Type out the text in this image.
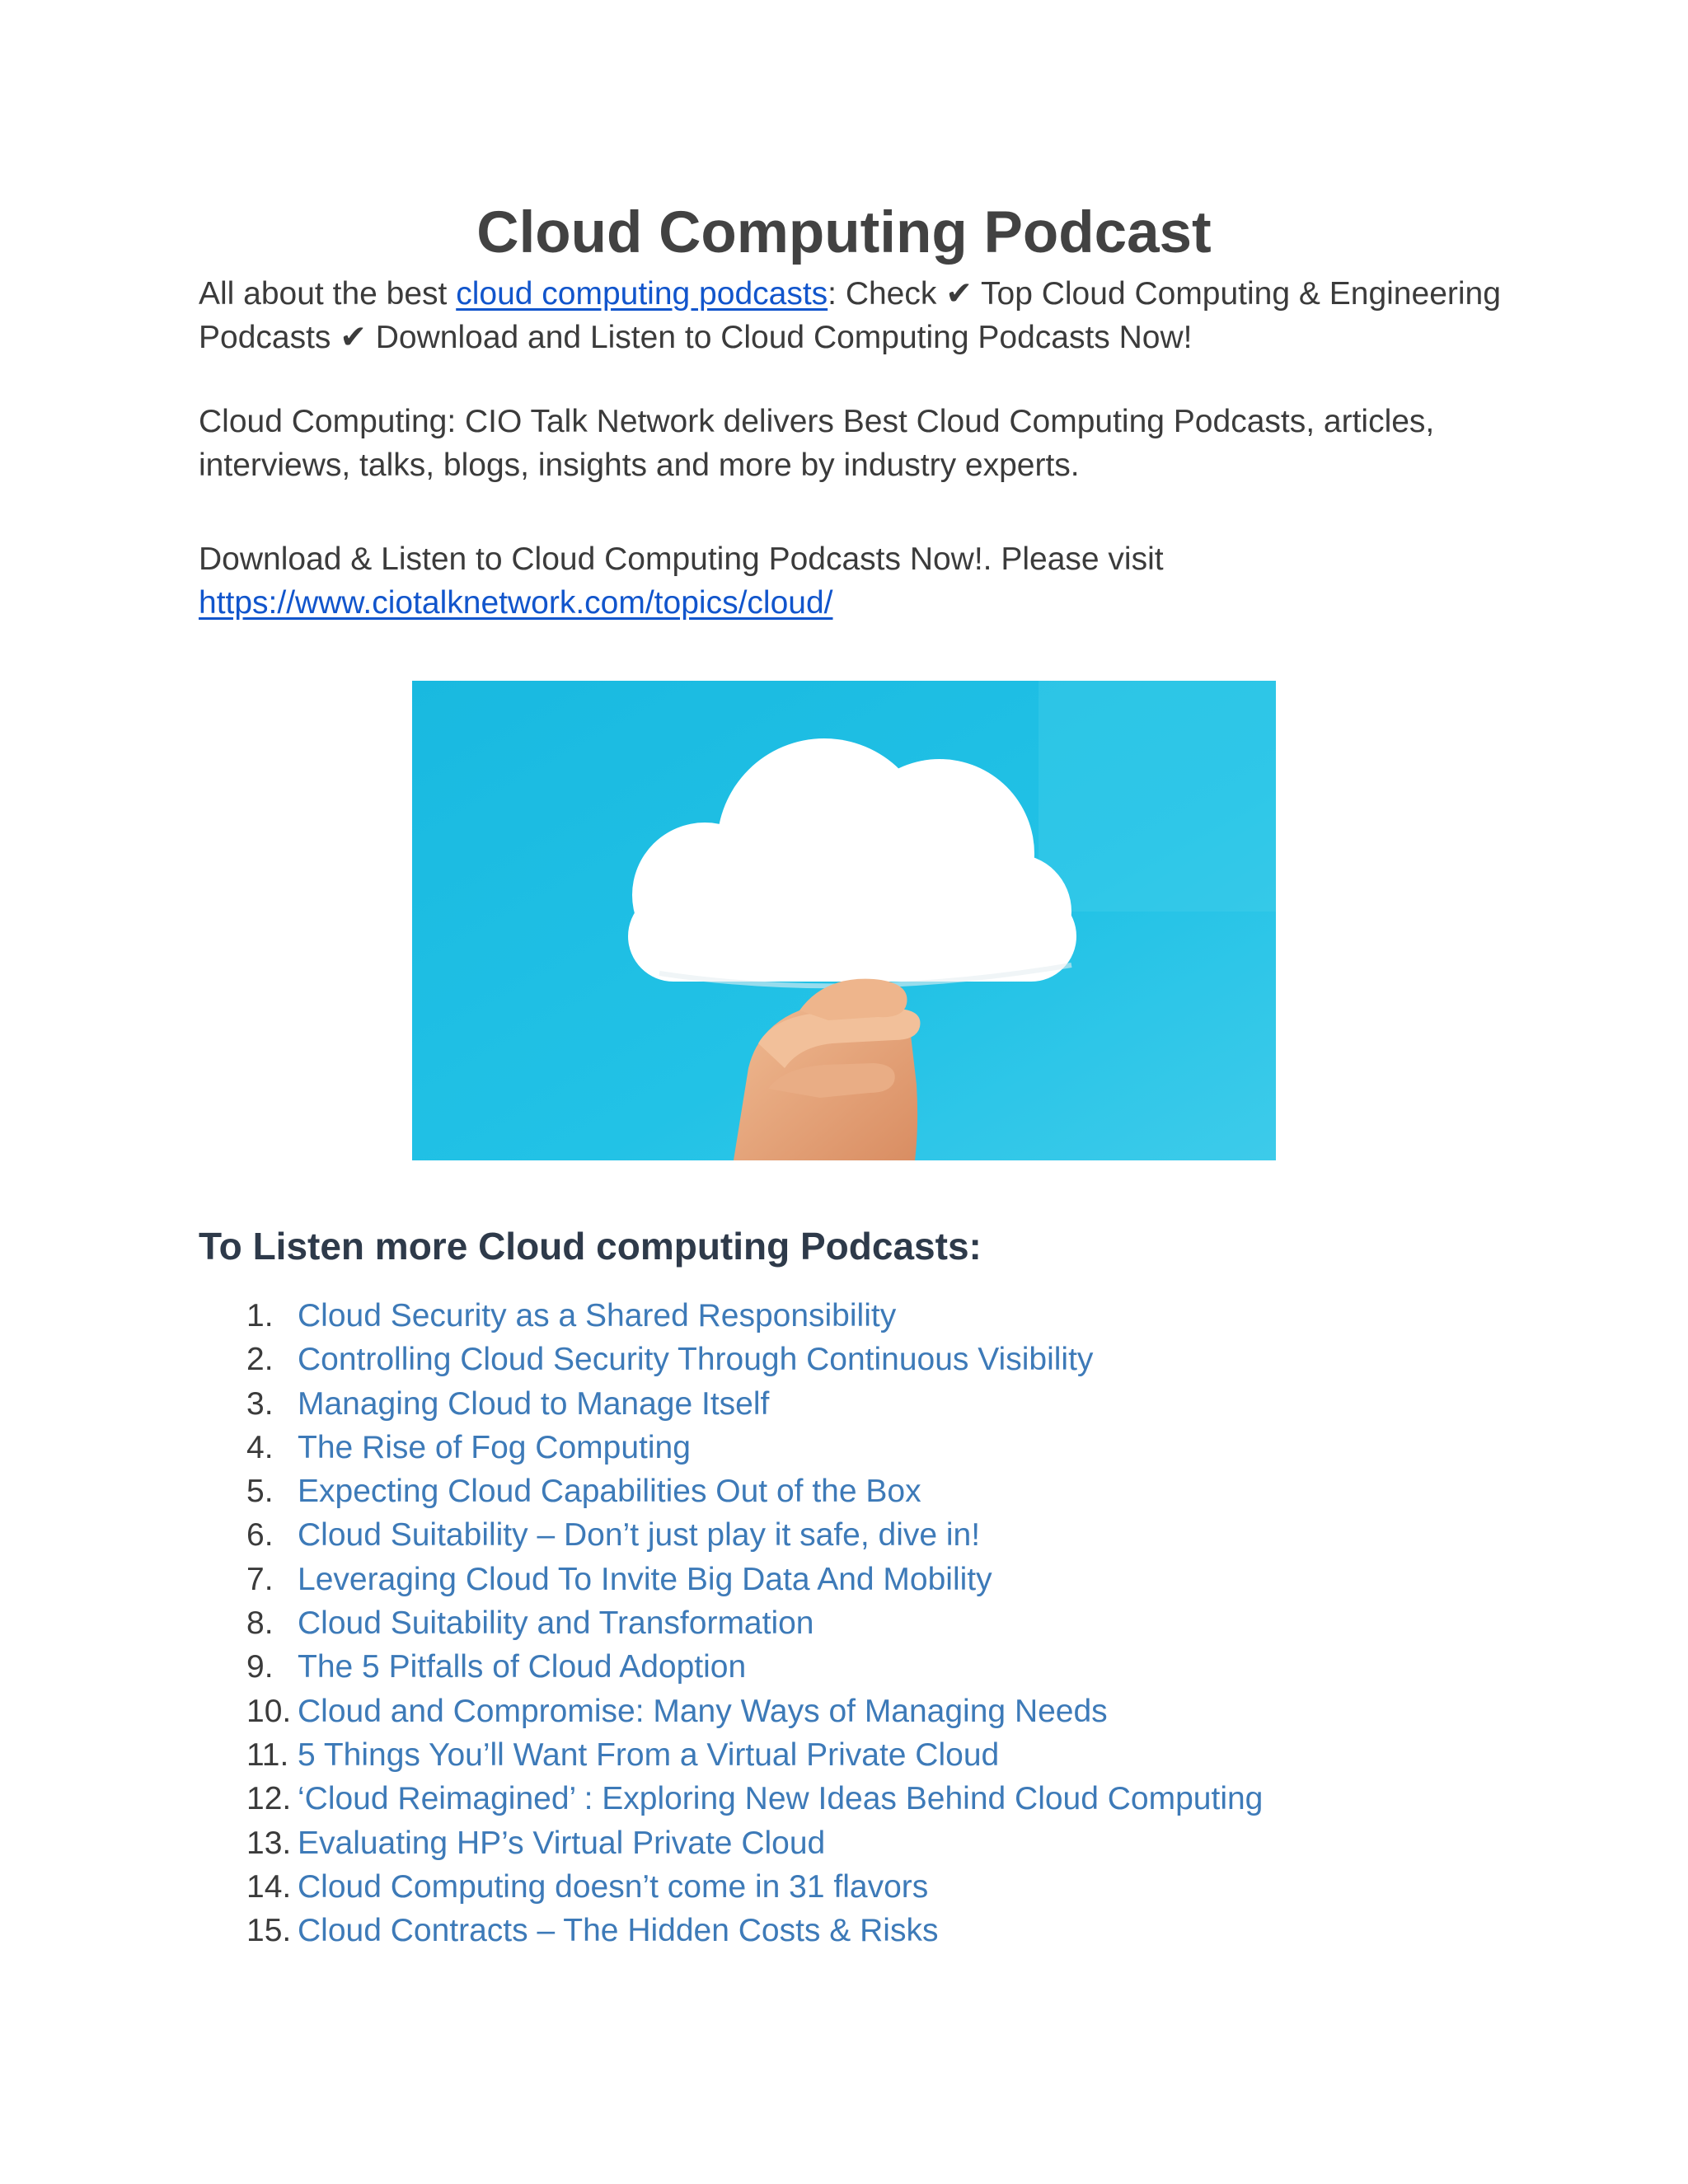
Cloud Computing Podcast

All about the best cloud computing podcasts: Check ✔ Top Cloud Computing & Engineering Podcasts ✔ Download and Listen to Cloud Computing Podcasts Now!

Cloud Computing: CIO Talk Network delivers Best Cloud Computing Podcasts, articles, interviews, talks, blogs, insights and more by industry experts.

Download & Listen to Cloud Computing Podcasts Now!. Please visit
https://www.ciotalknetwork.com/topics/cloud/

To Listen more Cloud computing Podcasts:
1. Cloud Security as a Shared Responsibility
2. Controlling Cloud Security Through Continuous Visibility
3. Managing Cloud to Manage Itself
4. The Rise of Fog Computing
5. Expecting Cloud Capabilities Out of the Box
6. Cloud Suitability – Don’t just play it safe, dive in!
7. Leveraging Cloud To Invite Big Data And Mobility
8. Cloud Suitability and Transformation
9. The 5 Pitfalls of Cloud Adoption
10. Cloud and Compromise: Many Ways of Managing Needs
11. 5 Things You’ll Want From a Virtual Private Cloud
12. ‘Cloud Reimagined’ : Exploring New Ideas Behind Cloud Computing
13. Evaluating HP’s Virtual Private Cloud
14. Cloud Computing doesn’t come in 31 flavors
15. Cloud Contracts – The Hidden Costs & Risks
